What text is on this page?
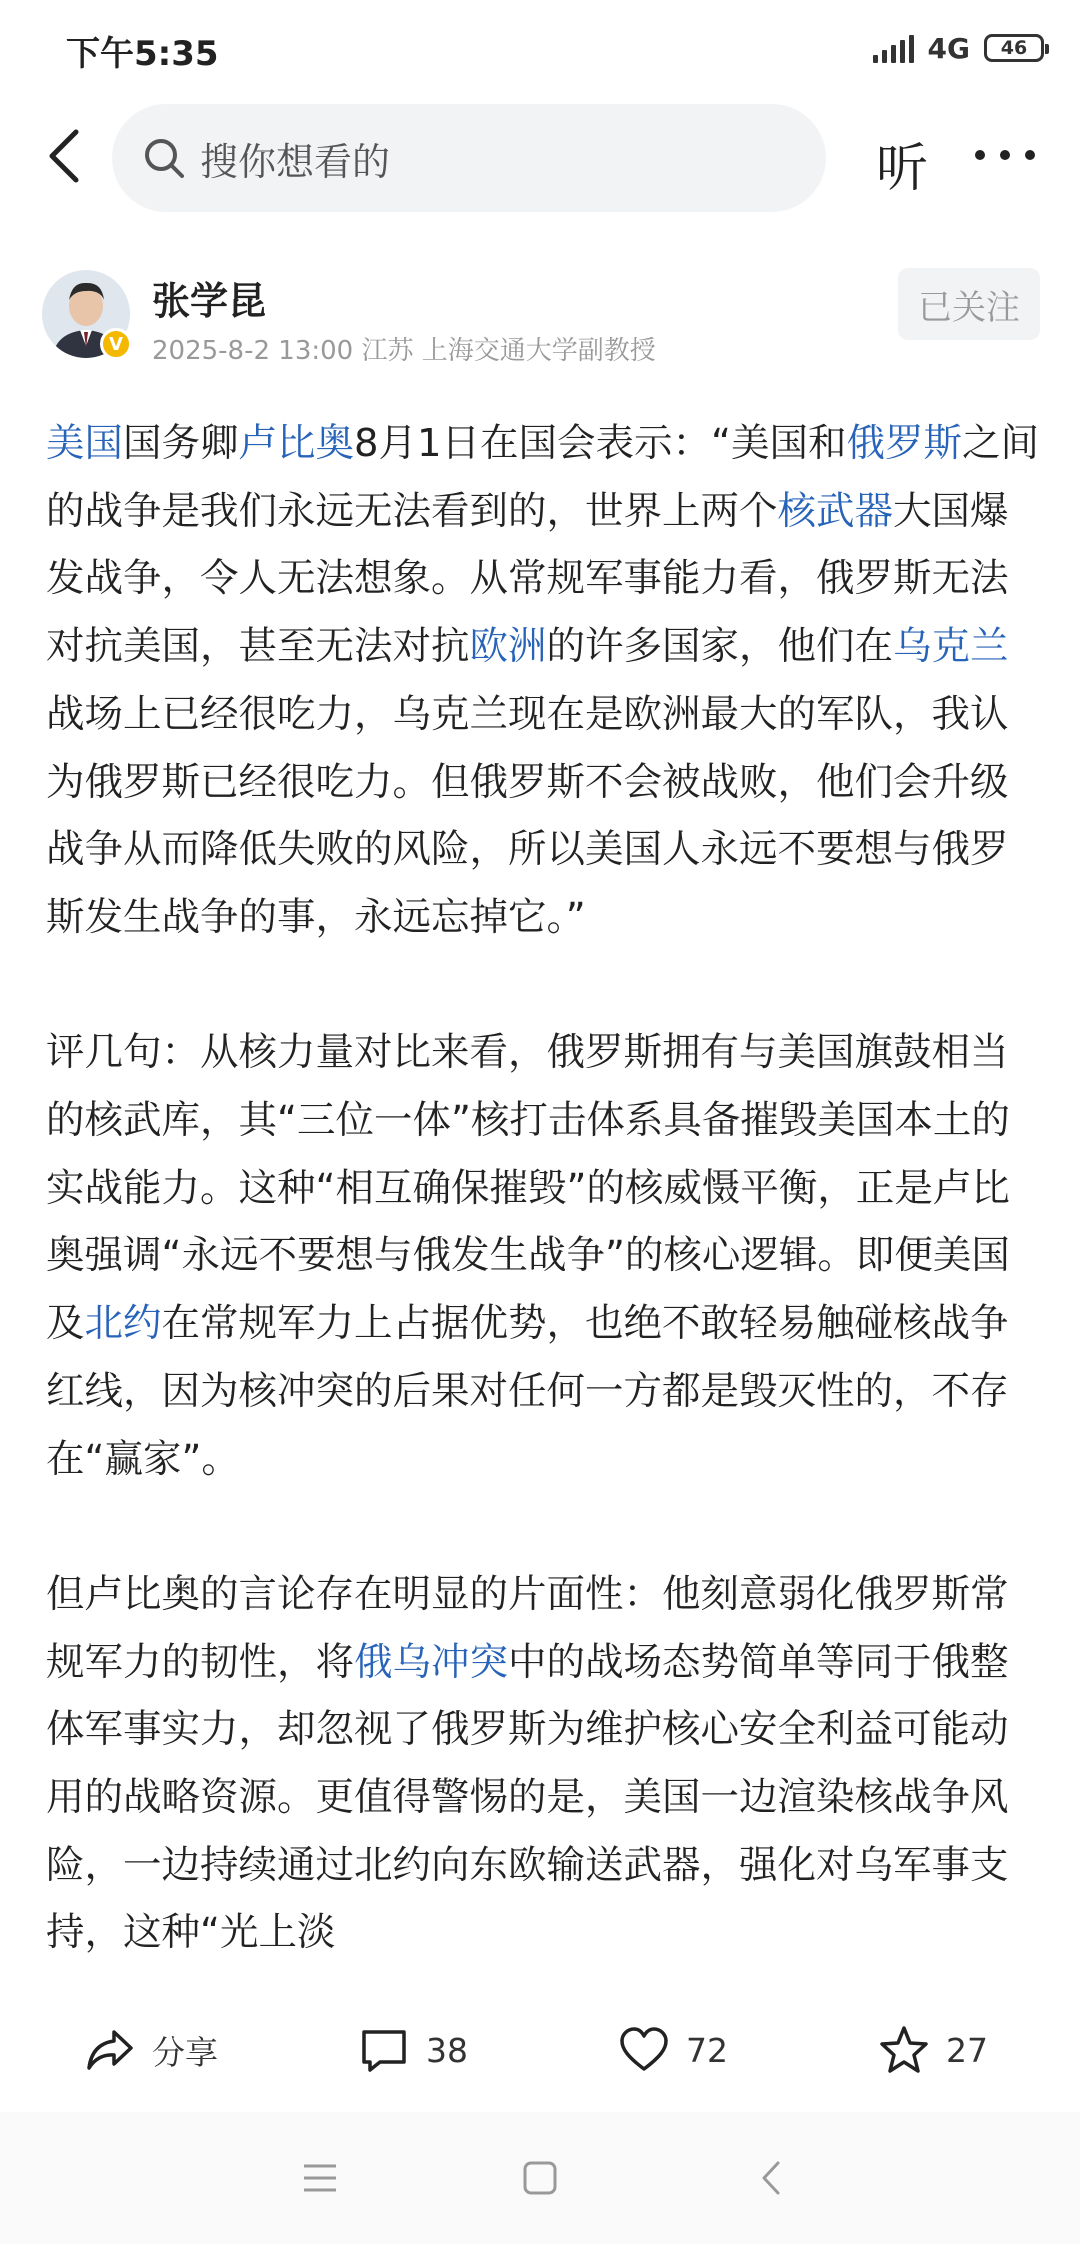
下午5:35	4G	46
搜你想看的	听
V
张学昆
2025-8-2 13:00 江苏 上海交通大学副教授
已关注

美国国务卿卢比奥8月1日在国会表示：“美国和俄罗斯之间的战争是我们永远无法看到的，世界上两个核武器大国爆发战争，令人无法想象。从常规军事能力看，俄罗斯无法对抗美国，甚至无法对抗欧洲的许多国家，他们在乌克兰战场上已经很吃力，乌克兰现在是欧洲最大的军队，我认为俄罗斯已经很吃力。但俄罗斯不会被战败，他们会升级战争从而降低失败的风险，所以美国人永远不要想与俄罗斯发生战争的事，永远忘掉它。”

评几句：从核力量对比来看，俄罗斯拥有与美国旗鼓相当的核武库，其“三位一体”核打击体系具备摧毁美国本土的实战能力。这种“相互确保摧毁”的核威慑平衡，正是卢比奥强调“永远不要想与俄发生战争”的核心逻辑。即便美国及北约在常规军力上占据优势，也绝不敢轻易触碰核战争红线，因为核冲突的后果对任何一方都是毁灭性的，不存在“赢家”。

但卢比奥的言论存在明显的片面性：他刻意弱化俄罗斯常规军力的韧性，将俄乌冲突中的战场态势简单等同于俄整体军事实力，却忽视了俄罗斯为维护核心安全利益可能动用的战略资源。更值得警惕的是，美国一边渲染核战争风险，一边持续通过北约向东欧输送武器，强化对乌军事支持，这种“光上淡

分享	38	72	27
